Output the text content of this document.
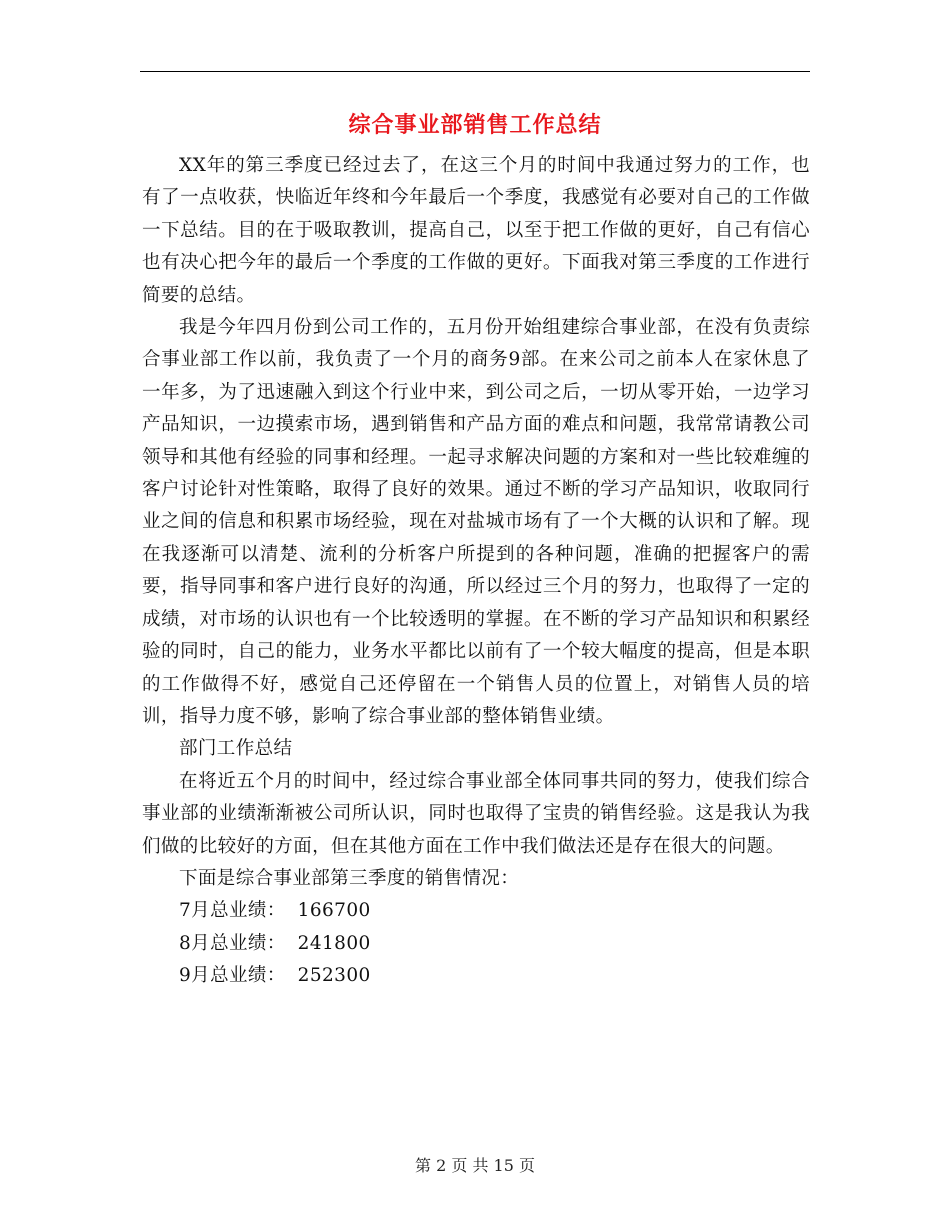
综合事业部销售工作总结

XX年的第三季度已经过去了，在这三个月的时间中我通过努力的工作，也有了一点收获，快临近年终和今年最后一个季度，我感觉有必要对自己的工作做一下总结。目的在于吸取教训，提高自己，以至于把工作做的更好，自己有信心也有决心把今年的最后一个季度的工作做的更好。下面我对第三季度的工作进行简要的总结。

我是今年四月份到公司工作的，五月份开始组建综合事业部，在没有负责综合事业部工作以前，我负责了一个月的商务9部。在来公司之前本人在家休息了一年多，为了迅速融入到这个行业中来，到公司之后，一切从零开始，一边学习产品知识，一边摸索市场，遇到销售和产品方面的难点和问题，我常常请教公司领导和其他有经验的同事和经理。一起寻求解决问题的方案和对一些比较难缠的客户讨论针对性策略，取得了良好的效果。通过不断的学习产品知识，收取同行业之间的信息和积累市场经验，现在对盐城市场有了一个大概的认识和了解。现在我逐渐可以清楚、流利的分析客户所提到的各种问题，准确的把握客户的需要，指导同事和客户进行良好的沟通，所以经过三个月的努力，也取得了一定的成绩，对市场的认识也有一个比较透明的掌握。在不断的学习产品知识和积累经验的同时，自己的能力，业务水平都比以前有了一个较大幅度的提高，但是本职的工作做得不好，感觉自己还停留在一个销售人员的位置上，对销售人员的培训，指导力度不够，影响了综合事业部的整体销售业绩。

部门工作总结

在将近五个月的时间中，经过综合事业部全体同事共同的努力，使我们综合事业部的业绩渐渐被公司所认识，同时也取得了宝贵的销售经验。这是我认为我们做的比较好的方面，但在其他方面在工作中我们做法还是存在很大的问题。

下面是综合事业部第三季度的销售情况：
7月总业绩： 166700
8月总业绩： 241800
9月总业绩： 252300
第 2 页 共 15 页
